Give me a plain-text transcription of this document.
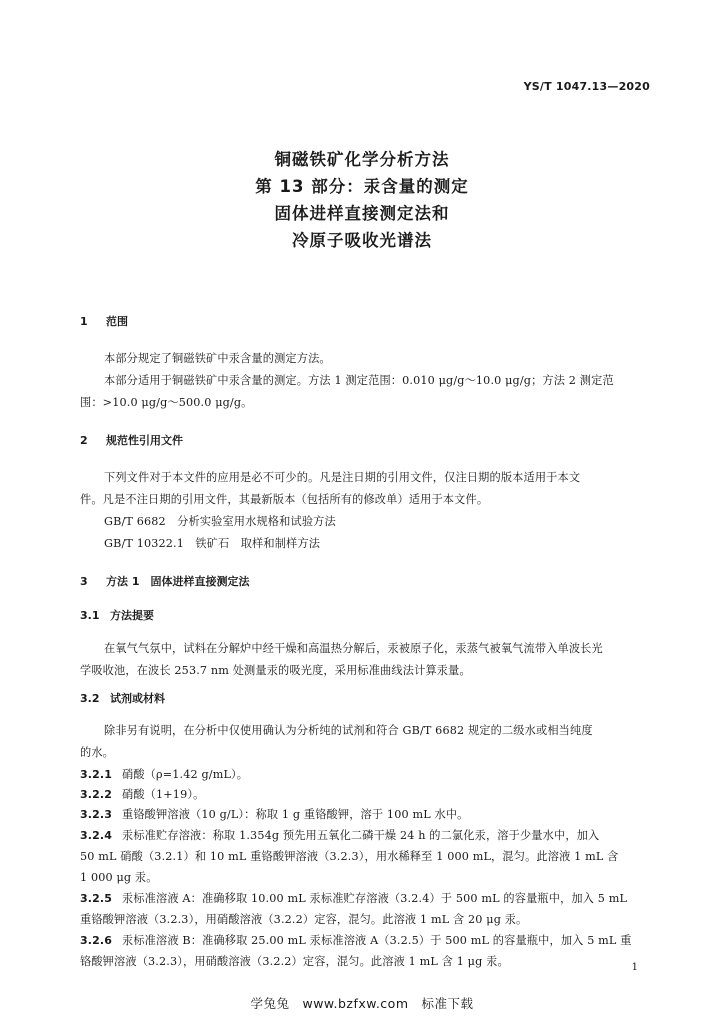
YS/T 1047.13—2020
铜磁铁矿化学分析方法
第 13 部分：汞含量的测定
固体进样直接测定法和
冷原子吸收光谱法
1 范围
本部分规定了铜磁铁矿中汞含量的测定方法。
本部分适用于铜磁铁矿中汞含量的测定。方法 1 测定范围：0.010 μg/g～10.0 μg/g；方法 2 测定范
围：>10.0 μg/g～500.0 μg/g。
2 规范性引用文件
下列文件对于本文件的应用是必不可少的。凡是注日期的引用文件，仅注日期的版本适用于本文
件。凡是不注日期的引用文件，其最新版本（包括所有的修改单）适用于本文件。
GB/T 6682　分析实验室用水规格和试验方法
GB/T 10322.1　铁矿石　取样和制样方法
3 方法 1　固体进样直接测定法
3.1 方法提要
在氧气气氛中，试料在分解炉中经干燥和高温热分解后，汞被原子化，汞蒸气被氧气流带入单波长光
学吸收池，在波长 253.7 nm 处测量汞的吸光度，采用标准曲线法计算汞量。
3.2 试剂或材料
除非另有说明，在分析中仅使用确认为分析纯的试剂和符合 GB/T 6682 规定的二级水或相当纯度
的水。
3.2.1 硝酸（ρ=1.42 g/mL）。
3.2.2 硝酸（1+19）。
3.2.3 重铬酸钾溶液（10 g/L）：称取 1 g 重铬酸钾，溶于 100 mL 水中。
3.2.4 汞标准贮存溶液：称取 1.354g 预先用五氧化二磷干燥 24 h 的二氯化汞，溶于少量水中，加入
50 mL 硝酸（3.2.1）和 10 mL 重铬酸钾溶液（3.2.3），用水稀释至 1 000 mL，混匀。此溶液 1 mL 含
1 000 μg 汞。
3.2.5 汞标准溶液 A：准确移取 10.00 mL 汞标准贮存溶液（3.2.4）于 500 mL 的容量瓶中，加入 5 mL
重铬酸钾溶液（3.2.3），用硝酸溶液（3.2.2）定容，混匀。此溶液 1 mL 含 20 μg 汞。
3.2.6 汞标准溶液 B：准确移取 25.00 mL 汞标准溶液 A（3.2.5）于 500 mL 的容量瓶中，加入 5 mL 重
铬酸钾溶液（3.2.3），用硝酸溶液（3.2.2）定容，混匀。此溶液 1 mL 含 1 μg 汞。	1
学兔兔　www.bzfxw.com　标准下载
